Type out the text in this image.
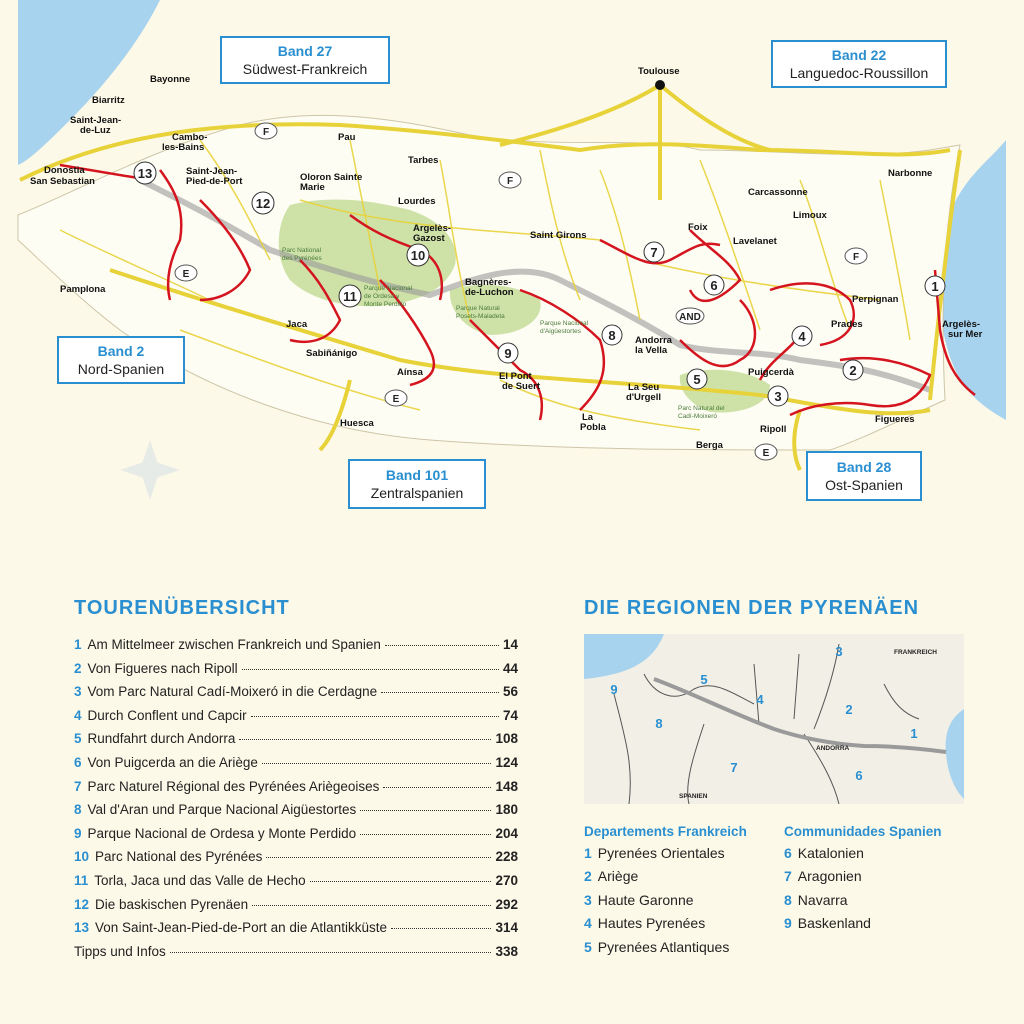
1
2
3
4
5
6
7
8
9
10
11
12
13
F
F
F
E
E
E
AND
Bayonne
Biarritz
Saint-Jean-
de-Luz
Donostia
San Sebastian
Cambo-
les-Bains
Saint-Jean-
Pied-de-Port
Pau
Oloron Sainte
Marie
Tarbes
Lourdes
Argelès-
Gazost	Saint Girons
Bagnères-
de-Luchon
Foix
Lavelanet
Toulouse
Carcassonne
Limoux
Narbonne
Perpignan
Prades	Argelès-
sur Mer
Pamplona
Jaca
Sabiñánigo
Aínsa
Huesca
El Pont
de Suert
La
Pobla
Andorra
la Vella
La Seu
d'Urgell
Puigcerdà
Ripoll
Berga
Figueres
Parc National
des Pyrénées
Parque Nacional
de Ordesa y
Monte Perdido
Parque Natural
Posets-Maladeta
Parque Nacional
d'Aigüestortes
Parc Natural del
Cadí-Moixeró
Band 27
Südwest-Frankreich
Band 22
Languedoc-Roussillon
Band 2
Nord-Spanien
Band 101
Zentralspanien
Band 28
Ost-Spanien
TOURENÜBERSICHT
1 Am Mittelmeer zwischen Frankreich und Spanien	14
2 Von Figueres nach Ripoll	44
3 Vom Parc Natural Cadí-Moixeró in die Cerdagne	56
4 Durch Conflent und Capcir	74
5 Rundfahrt durch Andorra	108
6 Von Puigcerda an die Ariège	124
7 Parc Naturel Régional des Pyrénées Ariègeoises	148
8 Val d'Aran und Parque Nacional Aigüestortes	180
9 Parque Nacional de Ordesa y Monte Perdido	204
10 Parc National des Pyrénées	228
11 Torla, Jaca und das Valle de Hecho	270
12 Die baskischen Pyrenäen	292
13 Von Saint-Jean-Pied-de-Port an die Atlantikküste	314
Tipps und Infos	338
DIE REGIONEN DER PYRENÄEN
1
2
3
4
5
6
7
8
9
FRANKREICH
SPANIEN
ANDORRA
Departements Frankreich
1 Pyrenées Orientales
2 Ariège
3 Haute Garonne
4 Hautes Pyrenées
5 Pyrenées Atlantiques
Communidades Spanien
6 Katalonien
7 Aragonien
8 Navarra
9 Baskenland
